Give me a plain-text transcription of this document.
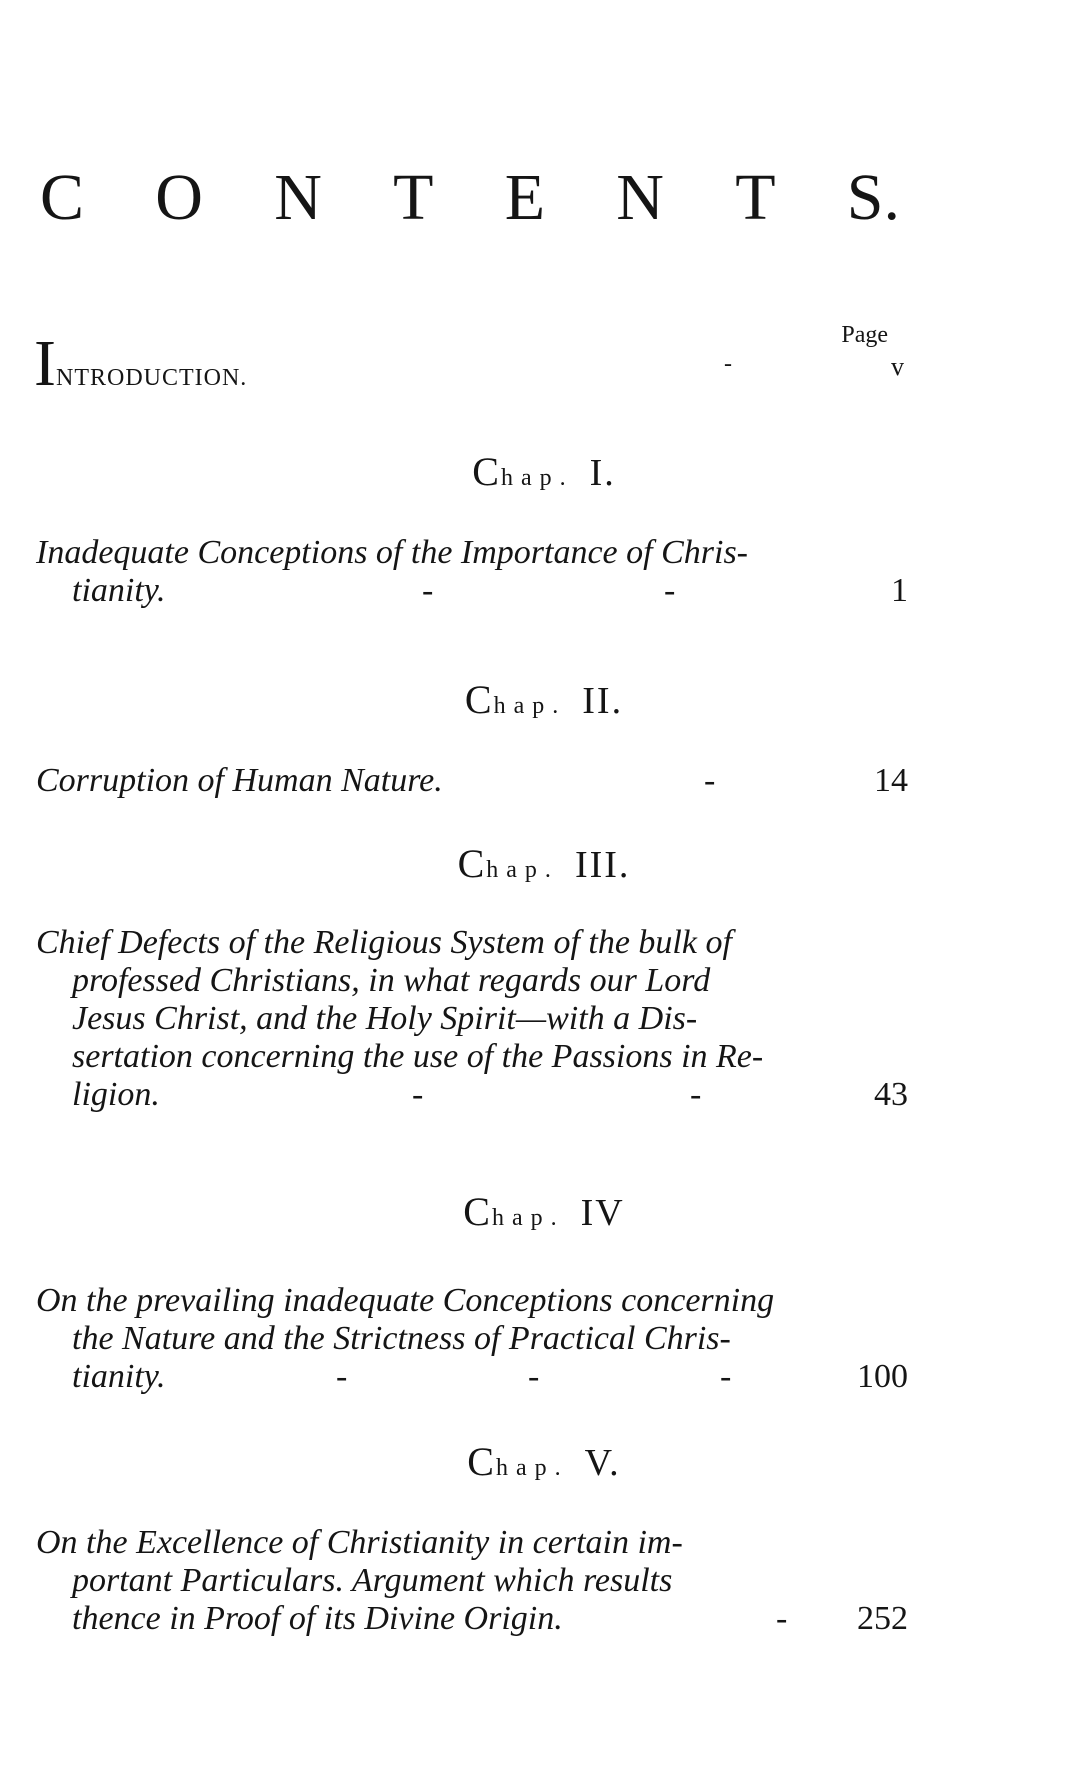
C O N T E N T S.
Page
INTRODUCTION.
-	v
Chap. I.
Inadequate Conceptions of the Importance of Chris-
tianity.	-	-	1
Chap. II.
Corruption of Human Nature.	-	14
Chap. III.
Chief Defects of the Religious System of the bulk of
professed Christians, in what regards our Lord
Jesus Christ, and the Holy Spirit—with a Dis-
sertation concerning the use of the Passions in Re-
ligion.	-	-	43
Chap. IV
On the prevailing inadequate Conceptions concerning
the Nature and the Strictness of Practical Chris-
tianity.	-	-	-	100
Chap. V.
On the Excellence of Christianity in certain im-
portant Particulars. Argument which results
thence in Proof of its Divine Origin.	- 252
